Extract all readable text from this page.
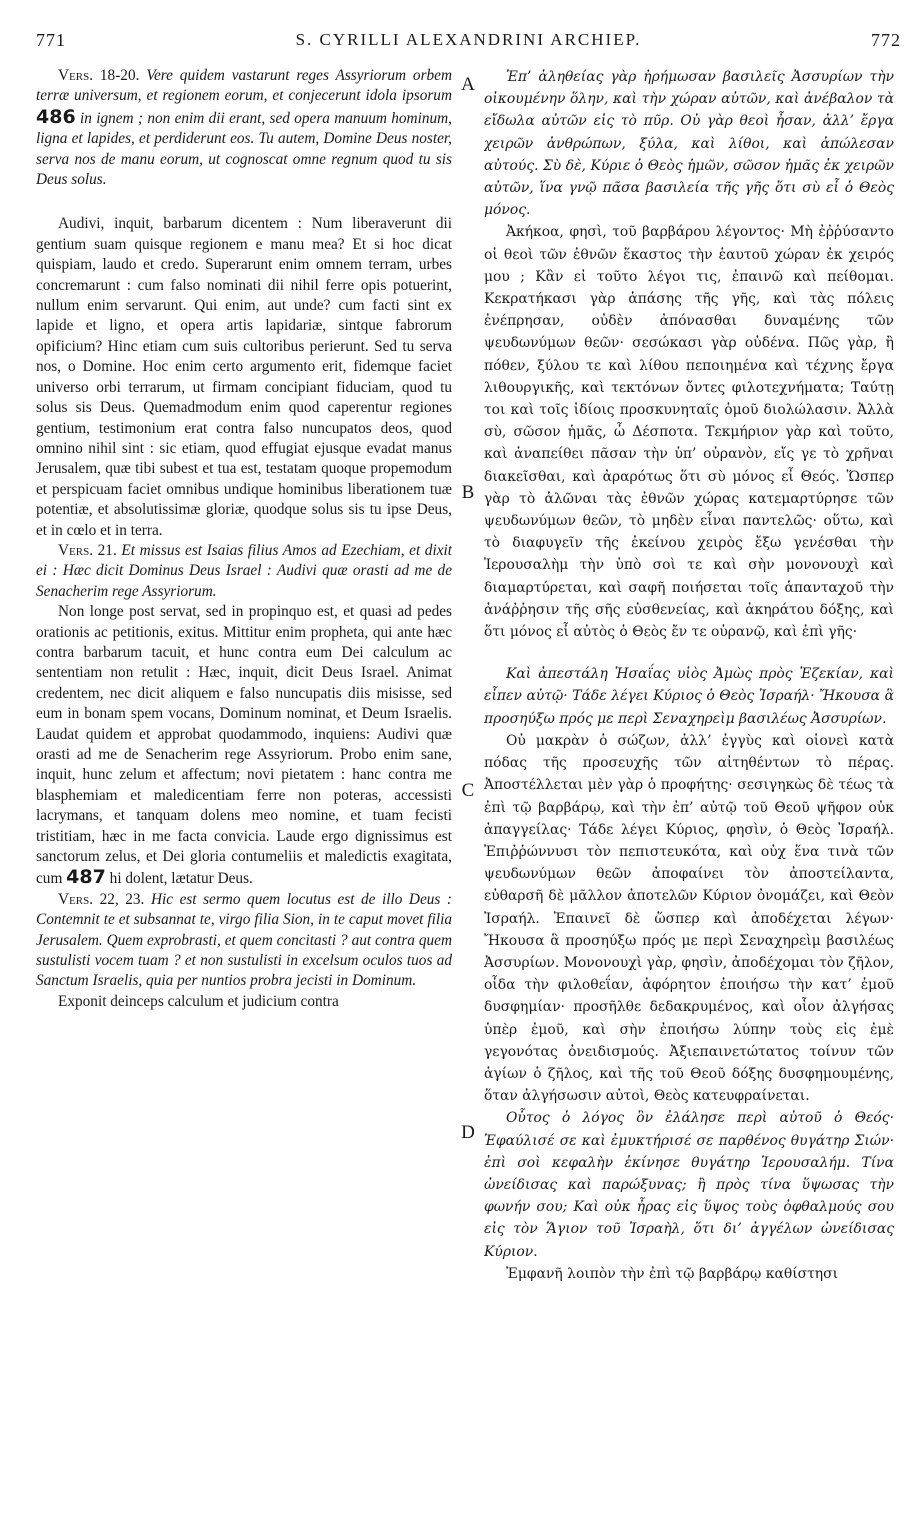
771	S. CYRILLI ALEXANDRINI ARCHIEP.	772
A
B
C
D

Vers. 18-20. Vere quidem vastarunt reges Assyriorum orbem terræ universum, et regionem eorum, et conjecerunt idola ipsorum 486 in ignem ; non enim dii erant, sed opera manuum hominum, ligna et lapides, et perdiderunt eos. Tu autem, Domine Deus noster, serva nos de manu eorum, ut cognoscat omne regnum quod tu sis Deus solus.

Audivi, inquit, barbarum dicentem : Num liberaverunt dii gentium suam quisque regionem e manu mea? Et si hoc dicat quispiam, laudo et credo. Superarunt enim omnem terram, urbes concremarunt : cum falso nominati dii nihil ferre opis potuerint, nullum enim servarunt. Qui enim, aut unde? cum facti sint ex lapide et ligno, et opera artis lapidariæ, sintque fabrorum opificium? Hinc etiam cum suis cultoribus perierunt. Sed tu serva nos, o Domine. Hoc enim certo argumento erit, fidemque faciet universo orbi terrarum, ut firmam concipiant fiduciam, quod tu solus sis Deus. Quemadmodum enim quod caperentur regiones gentium, testimonium erat contra falso nuncupatos deos, quod omnino nihil sint : sic etiam, quod effugiat ejusque evadat manus Jerusalem, quæ tibi subest et tua est, testatam quoque propemodum et perspicuam faciet omnibus undique hominibus liberationem tuæ potentiæ, et absolutissimæ gloriæ, quodque solus sis tu ipse Deus, et in cœlo et in terra.

Vers. 21. Et missus est Isaias filius Amos ad Ezechiam, et dixit ei : Hæc dicit Dominus Deus Israel : Audivi quæ orasti ad me de Senacherim rege Assyriorum.

Non longe post servat, sed in propinquo est, et quasi ad pedes orationis ac petitionis, exitus. Mittitur enim propheta, qui ante hæc contra barbarum tacuit, et hunc contra eum Dei calculum ac sententiam non retulit : Hæc, inquit, dicit Deus Israel. Animat credentem, nec dicit aliquem e falso nuncupatis diis misisse, sed eum in bonam spem vocans, Dominum nominat, et Deum Israelis. Laudat quidem et approbat quodammodo, inquiens: Audivi quæ orasti ad me de Senacherim rege Assyriorum. Probo enim sane, inquit, hunc zelum et affectum; novi pietatem : hanc contra me blasphemiam et maledicentiam ferre non poteras, accessisti lacrymans, et tanquam dolens meo nomine, et tuam fecisti tristitiam, hæc in me facta convicia. Laude ergo dignissimus est sanctorum zelus, et Dei gloria contumeliis et maledictis exagitata, cum 487 hi dolent, lætatur Deus.

Vers. 22, 23. Hic est sermo quem locutus est de illo Deus : Contemnit te et subsannat te, virgo filia Sion, in te caput movet filia Jerusalem. Quem exprobrasti, et quem concitasti ? aut contra quem sustulisti vocem tuam ? et non sustulisti in excelsum oculos tuos ad Sanctum Israelis, quia per nuntios probra jecisti in Dominum.

Exponit deinceps calculum et judicium contra

Ἐπ’ ἀληθείας γὰρ ἠρήμωσαν βασιλεῖς Ἀσσυρίων τὴν οἰκουμένην ὅλην, καὶ τὴν χώραν αὐτῶν, καὶ ἀνέβαλον τὰ εἴδωλα αὐτῶν εἰς τὸ πῦρ. Οὐ γὰρ θεοὶ ἦσαν, ἀλλ’ ἔργα χειρῶν ἀνθρώπων, ξύλα, καὶ λίθοι, καὶ ἀπώλεσαν αὐτούς. Σὺ δὲ, Κύριε ὁ Θεὸς ἡμῶν, σῶσον ἡμᾶς ἐκ χειρῶν αὐτῶν, ἵνα γνῷ πᾶσα βασιλεία τῆς γῆς ὅτι σὺ εἶ ὁ Θεὸς μόνος.

Ἀκήκοα, φησὶ, τοῦ βαρβάρου λέγοντος· Μὴ ἐῤῥύσαντο οἱ θεοὶ τῶν ἐθνῶν ἕκαστος τὴν ἑαυτοῦ χώραν ἐκ χειρός μου ; Κἂν εἰ τοῦτο λέγοι τις, ἐπαινῶ καὶ πείθομαι. Κεκρατήκασι γὰρ ἁπάσης τῆς γῆς, καὶ τὰς πόλεις ἐνέπρησαν, οὐδὲν ἀπόνασθαι δυναμένης τῶν ψευδωνύμων θεῶν· σεσώκασι γὰρ οὐδένα. Πῶς γὰρ, ἢ πόθεν, ξύλου τε καὶ λίθου πεποιημένα καὶ τέχνης ἔργα λιθουργικῆς, καὶ τεκτόνων ὄντες φιλοτεχνήματα; Ταύτῃ τοι καὶ τοῖς ἰδίοις προσκυνηταῖς ὁμοῦ διολώλασιν. Ἀλλὰ σὺ, σῶσον ἡμᾶς, ὦ Δέσποτα. Τεκμήριον γὰρ καὶ τοῦτο, καὶ ἀναπείθει πᾶσαν τὴν ὑπ’ οὐρανὸν, εἴς γε τὸ χρῆναι διακεῖσθαι, καὶ ἀραρότως ὅτι σὺ μόνος εἶ Θεός. Ὥσπερ γὰρ τὸ ἁλῶναι τὰς ἐθνῶν χώρας κατεμαρτύρησε τῶν ψευδωνύμων θεῶν, τὸ μηδὲν εἶναι παντελῶς· οὕτω, καὶ τὸ διαφυγεῖν τῆς ἐκείνου χειρὸς ἔξω γενέσθαι τὴν Ἱερουσαλὴμ τὴν ὑπὸ σοὶ τε καὶ σὴν μονονουχὶ καὶ διαμαρτύρεται, καὶ σαφῆ ποιήσεται τοῖς ἁπανταχοῦ τὴν ἀνάῤῥησιν τῆς σῆς εὐσθενείας, καὶ ἀκηράτου δόξης, καὶ ὅτι μόνος εἶ αὐτὸς ὁ Θεὸς ἔν τε οὐρανῷ, καὶ ἐπὶ γῆς·

Καὶ ἀπεστάλη Ἡσαΐας υἱὸς Ἀμὼς πρὸς Ἐζεκίαν, καὶ εἶπεν αὐτῷ· Τάδε λέγει Κύριος ὁ Θεὸς Ἰσραήλ· Ἤκουσα ἃ προσηύξω πρός με περὶ Σεναχηρεὶμ βασιλέως Ἀσσυρίων.

Οὐ μακρὰν ὁ σώζων, ἀλλ’ ἐγγὺς καὶ οἱονεὶ κατὰ πόδας τῆς προσευχῆς τῶν αἰτηθέντων τὸ πέρας. Ἀποστέλλεται μὲν γὰρ ὁ προφήτης· σεσιγηκὼς δὲ τέως τὰ ἐπὶ τῷ βαρβάρῳ, καὶ τὴν ἐπ’ αὐτῷ τοῦ Θεοῦ ψῆφον οὐκ ἀπαγγείλας· Τάδε λέγει Κύριος, φησὶν, ὁ Θεὸς Ἰσραήλ. Ἐπιῤῥώννυσι τὸν πεπιστευκότα, καὶ οὐχ ἕνα τινὰ τῶν ψευδωνύμων θεῶν ἀποφαίνει τὸν ἀποστείλαντα, εὐθαρσῆ δὲ μᾶλλον ἀποτελῶν Κύριον ὀνομάζει, καὶ Θεὸν Ἰσραήλ. Ἐπαινεῖ δὲ ὥσπερ καὶ ἀποδέχεται λέγων· Ἤκουσα ἃ προσηύξω πρός με περὶ Σεναχηρεὶμ βασιλέως Ἀσσυρίων. Μονονουχὶ γὰρ, φησὶν, ἀποδέχομαι τὸν ζῆλον, οἶδα τὴν φιλοθεΐαν, ἀφόρητον ἐποιήσω τὴν κατ’ ἐμοῦ δυσφημίαν· προσῆλθε δεδακρυμένος, καὶ οἷον ἀλγήσας ὑπὲρ ἐμοῦ, καὶ σὴν ἐποιήσω λύπην τοὺς εἰς ἐμὲ γεγονότας ὀνειδισμούς. Ἀξιεπαινετώτατος τοίνυν τῶν ἁγίων ὁ ζῆλος, καὶ τῆς τοῦ Θεοῦ δόξης δυσφημουμένης, ὅταν ἀλγήσωσιν αὐτοὶ, Θεὸς κατευφραίνεται.

Οὗτος ὁ λόγος ὃν ἐλάλησε περὶ αὐτοῦ ὁ Θεός· Ἐφαύλισέ σε καὶ ἐμυκτήρισέ σε παρθένος θυγάτηρ Σιών· ἐπὶ σοὶ κεφαλὴν ἐκίνησε θυγάτηρ Ἱερουσαλήμ. Τίνα ὠνείδισας καὶ παρώξυνας; ἢ πρὸς τίνα ὕψωσας τὴν φωνήν σου; Καὶ οὐκ ἦρας εἰς ὕψος τοὺς ὀφθαλμούς σου εἰς τὸν Ἅγιον τοῦ Ἰσραὴλ, ὅτι δι’ ἀγγέλων ὠνείδισας Κύριον.

Ἐμφανῆ λοιπὸν τὴν ἐπὶ τῷ βαρβάρῳ καθίστησι
